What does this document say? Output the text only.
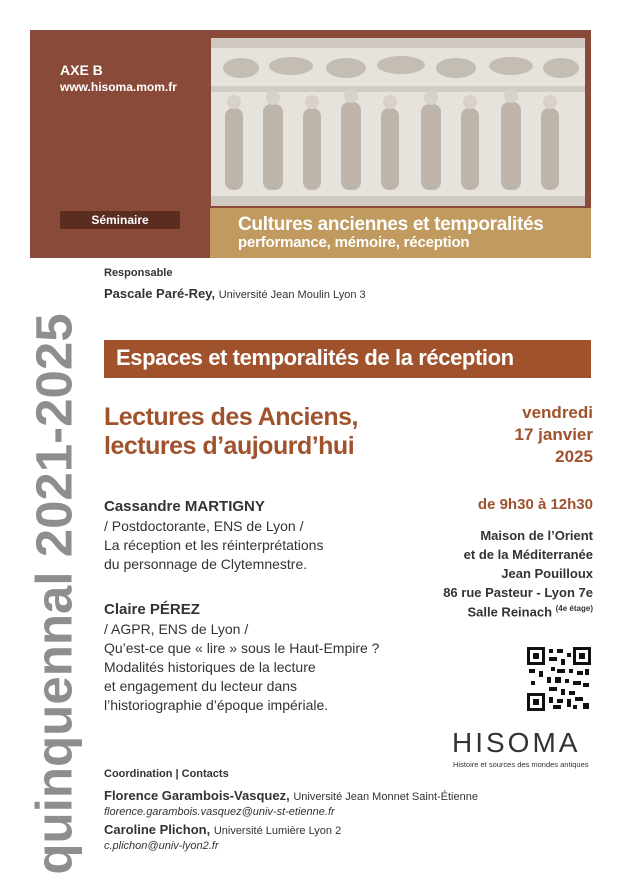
AXE B
www.hisoma.mom.fr
Séminaire	Cultures anciennes et temporalités
performance, mémoire, réception
Responsable
Pascale Paré-Rey, Université Jean Moulin Lyon 3
quinquennal 2021-2025 Espaces et temporalités de la réception
Lectures des Anciens,
lectures d’aujourd’hui
vendredi
17 janvier
2025
de 9h30 à 12h30
Maison de l’Orient
et de la Méditerranée
Jean Pouilloux
86 rue Pasteur - Lyon 7e
Salle Reinach $^{(4e étage)}$
Cassandre MARTIGNY
/ Postdoctorante, ENS de Lyon /
La réception et les réinterprétations
du personnage de Clytemnestre.
Claire PÉREZ
/ AGPR, ENS de Lyon /
Qu’est-ce que « lire » sous le Haut-Empire ?
Modalités historiques de la lecture
et engagement du lecteur dans
l’historiographie d’époque impériale.
HISOMA
Histoire et sources des mondes antiques
Coordination | Contacts
Florence Garambois-Vasquez, Université Jean Monnet Saint-Étienne
florence.garambois.vasquez@univ-st-etienne.fr
Caroline Plichon, Université Lumière Lyon 2
c.plichon@univ-lyon2.fr
